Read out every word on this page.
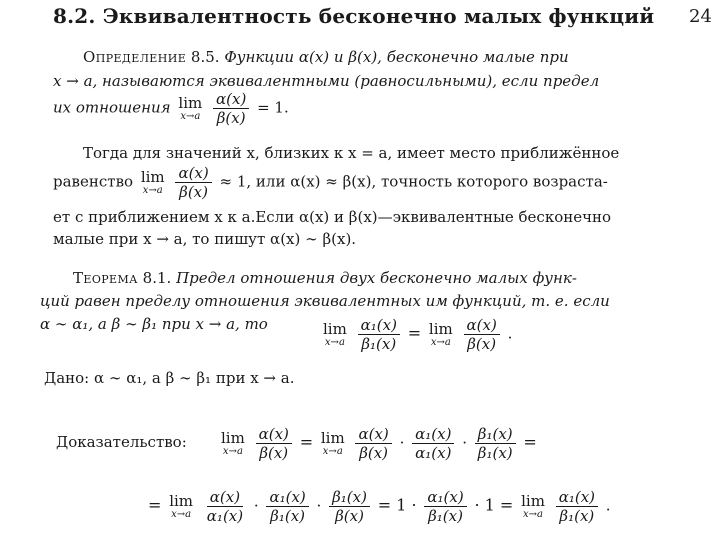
8.2. Эквивалентность бесконечно малых функций 24
Определение 8.5. Функции α(x) и β(x), бесконечно малые при
x → a, называются эквивалентными (равносильными), если предел
их отношения lim
x→a
$\frac{\alpha(x)}{\beta(x)} = 1$.
Тогда для значений x, близких к x = a, имеет место приближённое
равенство lim
x→a
$\frac{\alpha(x)}{\beta(x)} \approx 1$, или α(x) ≈ β(x), точность которого возраста-
ет с приближением x к a.Если α(x) и β(x)—эквивалентные бесконечно
малые при x → a, то пишут α(x) ∼ β(x).
Теорема 8.1. Предел отношения двух бесконечно малых функ-
ций равен пределу отношения эквивалентных им функций, т. е. если
α ∼ α₁, а β ∼ β₁ при x → a, то	lim
x→a
$\frac{\text{α₁(x)}}{\text{β₁(x)}} = \lim$
x→a
$\frac{\alpha(x)}{\beta(x)}$ .
Дано: α ∼ α₁, а β ∼ β₁ при x → a.
Доказательство: lim
x→a
$\frac{\alpha(x)}{\beta(x)} = \lim$
x→a
$\frac{\alpha(x)}{\beta(x)} \cdot \frac{\text{α₁(x)}}{\text{α₁(x)}} \cdot \frac{\text{β₁(x)}}{\text{β₁(x)}}$ =
= lim
x→a
$\frac{\alpha(x)}{\text{α₁(x)}} \cdot \frac{\text{α₁(x)}}{\text{β₁(x)}} \cdot \frac{\text{β₁(x)}}{\beta(x)} = 1 \cdot \frac{\text{α₁(x)}}{\text{β₁(x)}} \cdot 1 = \lim$
x→a
$\frac{\text{α₁(x)}}{\text{β₁(x)}}$ .
